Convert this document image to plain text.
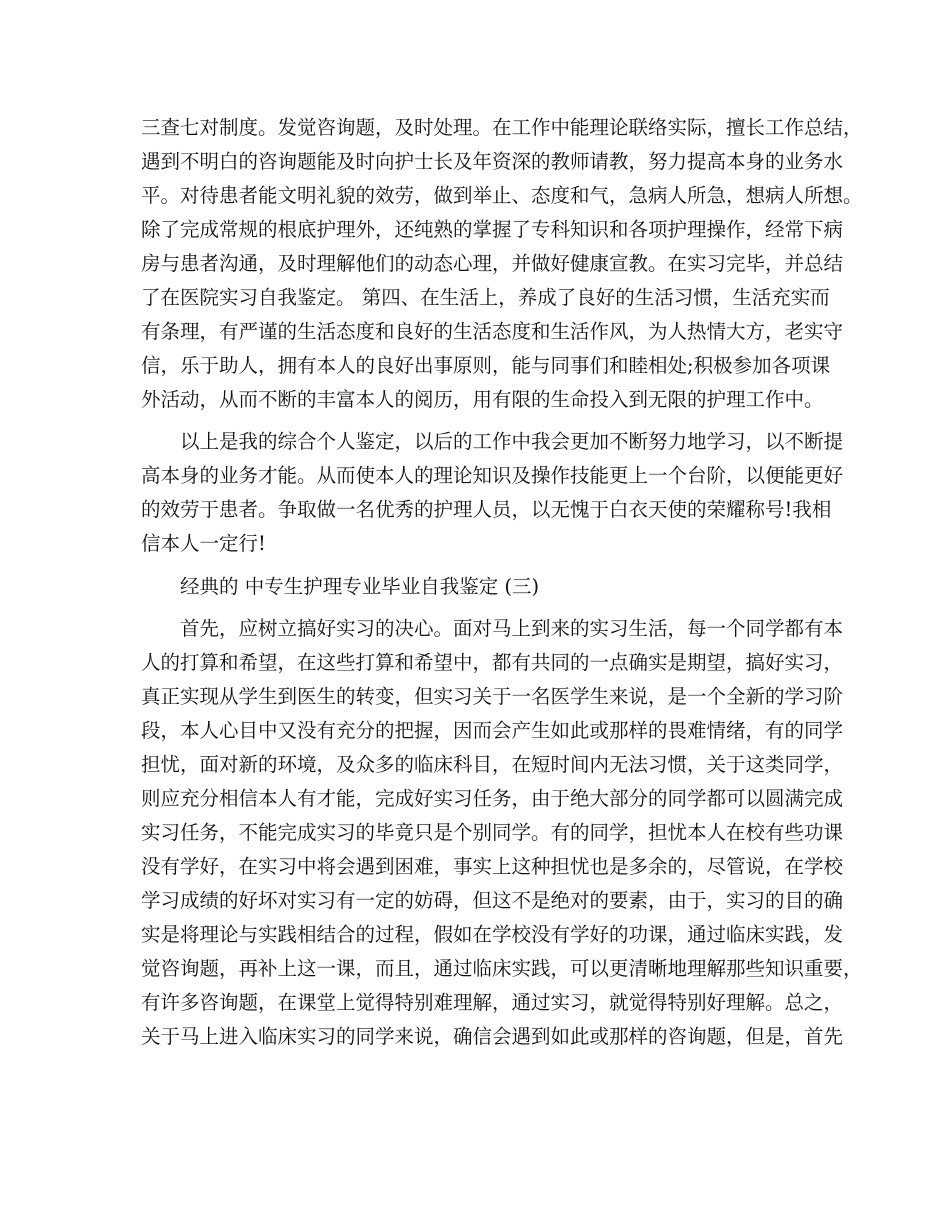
三查七对制度。发觉咨询题，及时处理。在工作中能理论联络实际，擅长工作总结，
遇到不明白的咨询题能及时向护士长及年资深的教师请教，努力提高本身的业务水
平。对待患者能文明礼貌的效劳，做到举止、态度和气，急病人所急，想病人所想。
除了完成常规的根底护理外，还纯熟的掌握了专科知识和各项护理操作，经常下病
房与患者沟通，及时理解他们的动态心理，并做好健康宣教。在实习完毕，并总结
了在医院实习自我鉴定。 第四、在生活上，养成了良好的生活习惯，生活充实而
有条理，有严谨的生活态度和良好的生活态度和生活作风，为人热情大方，老实守
信，乐于助人，拥有本人的良好出事原则，能与同事们和睦相处;积极参加各项课
外活动，从而不断的丰富本人的阅历，用有限的生命投入到无限的护理工作中。
以上是我的综合个人鉴定，以后的工作中我会更加不断努力地学习，以不断提
高本身的业务才能。从而使本人的理论知识及操作技能更上一个台阶，以便能更好
的效劳于患者。争取做一名优秀的护理人员，以无愧于白衣天使的荣耀称号!我相
信本人一定行!
经典的 中专生护理专业毕业自我鉴定 (三)
首先，应树立搞好实习的决心。面对马上到来的实习生活，每一个同学都有本
人的打算和希望，在这些打算和希望中，都有共同的一点确实是期望，搞好实习，
真正实现从学生到医生的转变，但实习关于一名医学生来说，是一个全新的学习阶
段，本人心目中又没有充分的把握，因而会产生如此或那样的畏难情绪，有的同学
担忧，面对新的环境，及众多的临床科目，在短时间内无法习惯，关于这类同学，
则应充分相信本人有才能，完成好实习任务，由于绝大部分的同学都可以圆满完成
实习任务，不能完成实习的毕竟只是个别同学。有的同学，担忧本人在校有些功课
没有学好，在实习中将会遇到困难，事实上这种担忧也是多余的，尽管说，在学校
学习成绩的好坏对实习有一定的妨碍，但这不是绝对的要素，由于，实习的目的确
实是将理论与实践相结合的过程，假如在学校没有学好的功课，通过临床实践，发
觉咨询题，再补上这一课，而且，通过临床实践，可以更清晰地理解那些知识重要，
有许多咨询题，在课堂上觉得特别难理解，通过实习，就觉得特别好理解。总之，
关于马上进入临床实习的同学来说，确信会遇到如此或那样的咨询题，但是，首先
